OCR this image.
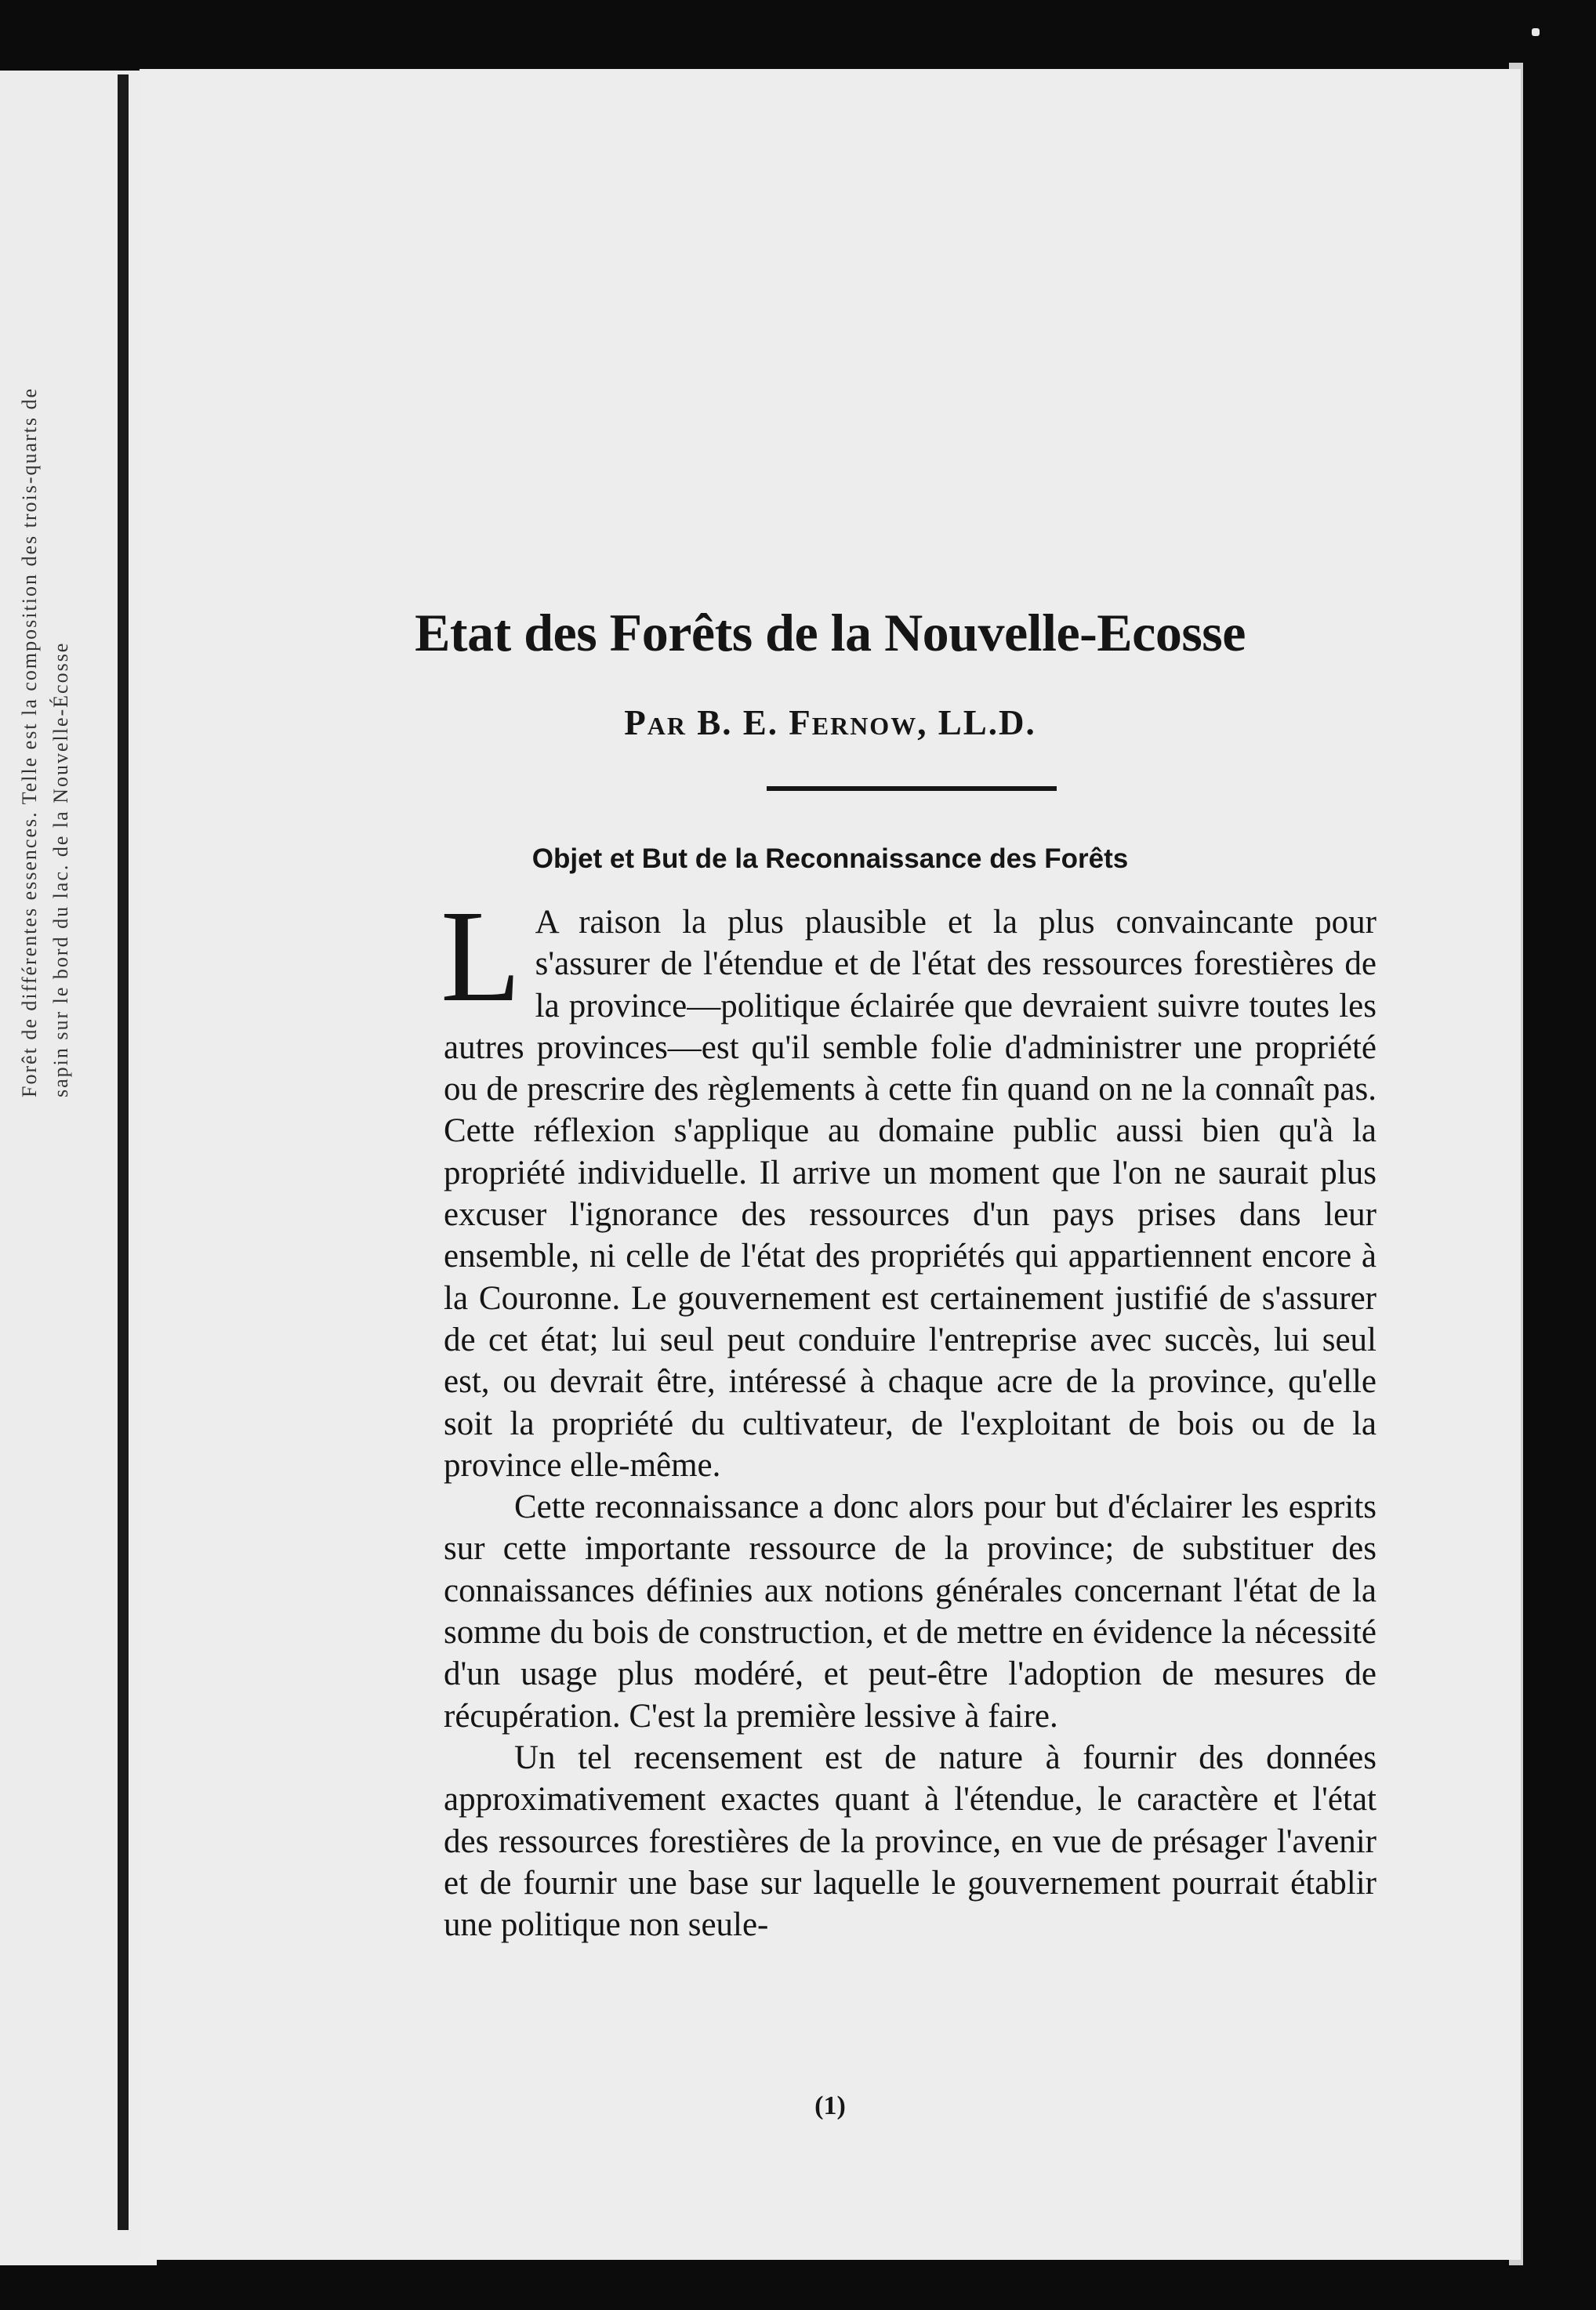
Forêt de différentes essences. Telle est la composition des trois-quarts de sapin sur le bord du lac. de la Nouvelle-Écosse
Etat des Forêts de la Nouvelle-Ecosse
Par B. E. Fernow, LL.D.
Objet et But de la Reconnaissance des Forêts

L A raison la plus plausible et la plus convaincante pour s'assurer de l'étendue et de l'état des ressources forestières de la province—politique éclairée que devraient suivre toutes les autres provinces—est qu'il semble folie d'administrer une propriété ou de prescrire des règlements à cette fin quand on ne la connaît pas. Cette réflexion s'applique au domaine public aussi bien qu'à la propriété individuelle. Il arrive un moment que l'on ne saurait plus excuser l'ignorance des ressources d'un pays prises dans leur ensemble, ni celle de l'état des propriétés qui appartiennent encore à la Couronne. Le gouvernement est certainement justifié de s'assurer de cet état; lui seul peut conduire l'entreprise avec succès, lui seul est, ou devrait être, intéressé à chaque acre de la province, qu'elle soit la propriété du cultivateur, de l'exploitant de bois ou de la province elle-même.

Cette reconnaissance a donc alors pour but d'éclairer les esprits sur cette importante ressource de la province; de substituer des connaissances définies aux notions générales concernant l'état de la somme du bois de construction, et de mettre en évidence la nécessité d'un usage plus modéré, et peut-être l'adoption de mesures de récupération. C'est la première lessive à faire.

Un tel recensement est de nature à fournir des données approximativement exactes quant à l'étendue, le caractère et l'état des ressources forestières de la province, en vue de présager l'avenir et de fournir une base sur laquelle le gouvernement pourrait établir une politique non seule-

(1)
